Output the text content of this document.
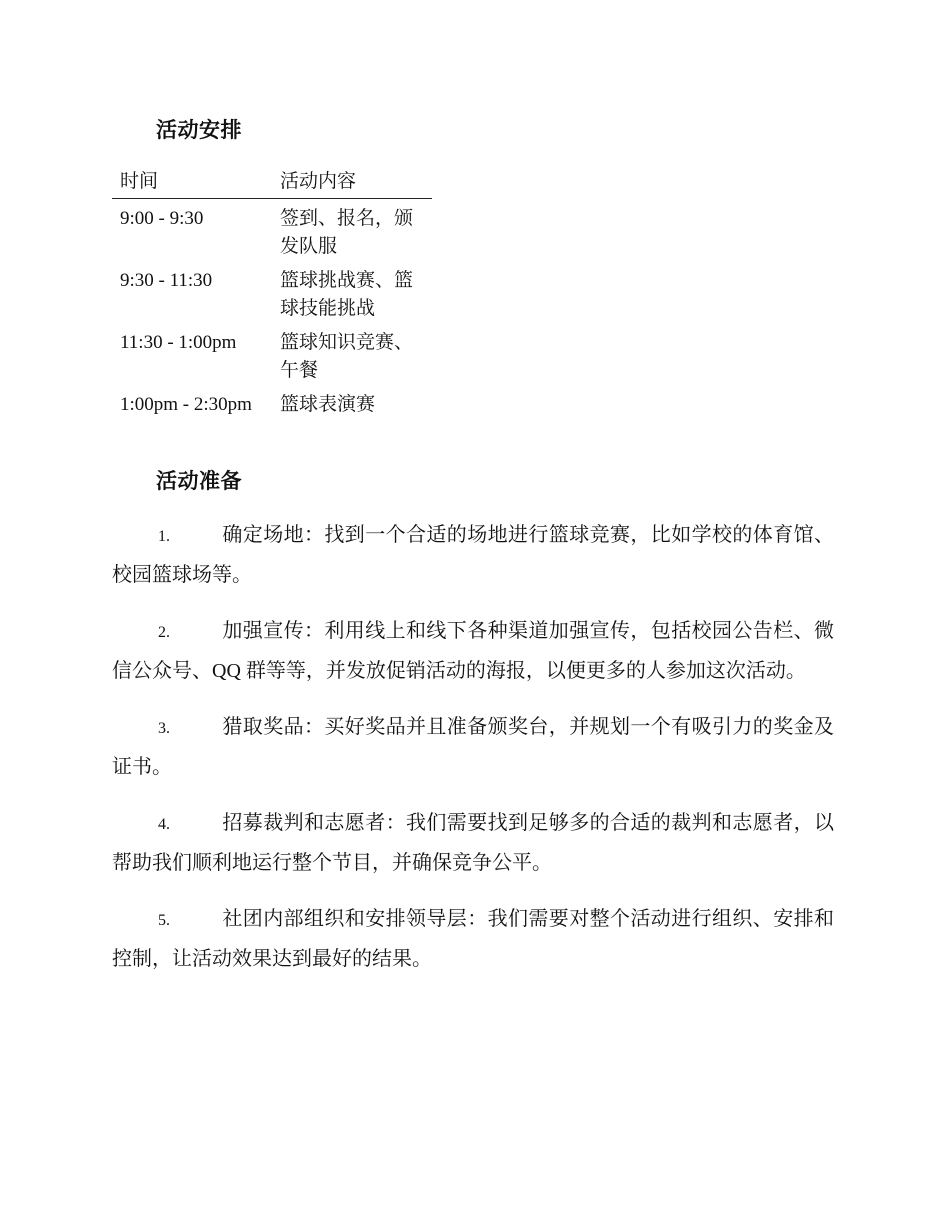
活动安排
时间	活动内容
9:00 - 9:30	签到、报名，颁发队服
9:30 - 11:30	篮球挑战赛、篮球技能挑战
11:30 - 1:00pm	篮球知识竞赛、午餐
1:00pm - 2:30pm	篮球表演赛
活动准备
1.	确定场地：找到一个合适的场地进行篮球竞赛，比如学校的体育馆、校园篮球场等。
2.	加强宣传：利用线上和线下各种渠道加强宣传，包括校园公告栏、微信公众号、QQ 群等等，并发放促销活动的海报，以便更多的人参加这次活动。
3.	猎取奖品：买好奖品并且准备颁奖台，并规划一个有吸引力的奖金及证书。
4.	招募裁判和志愿者：我们需要找到足够多的合适的裁判和志愿者，以帮助我们顺利地运行整个节目，并确保竞争公平。
5.	社团内部组织和安排领导层：我们需要对整个活动进行组织、安排和控制，让活动效果达到最好的结果。
